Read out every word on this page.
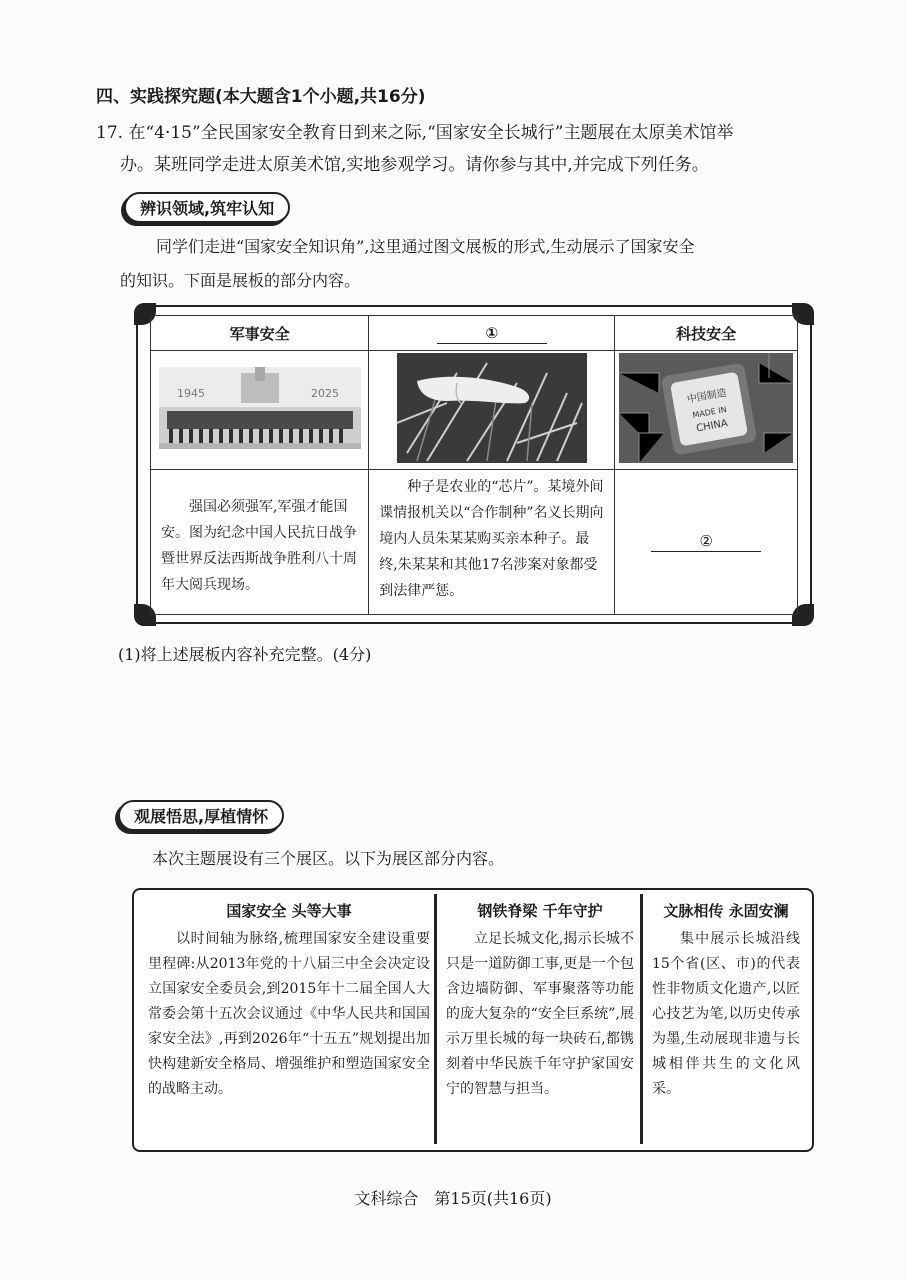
四、实践探究题(本大题含1个小题,共16分)
17. 在“4·15”全民国家安全教育日到来之际,“国家安全长城行”主题展在太原美术馆举
办。某班同学走进太原美术馆,实地参观学习。请你参与其中,并完成下列任务。
辨识领域,筑牢认知
同学们走进“国家安全知识角”,这里通过图文展板的形式,生动展示了国家安全
的知识。下面是展板的部分内容。
军事安全	①	科技安全

1945 2025		中国制造
MADE IN
CHINA

强国必须强军,军强才能国安。图为纪念中国人民抗日战争暨世界反法西斯战争胜利八十周年大阅兵现场。	种子是农业的“芯片”。某境外间谍情报机关以“合作制种”名义长期向境内人员朱某某购买亲本种子。最终,朱某某和其他17名涉案对象都受到法律严惩。	②
(1)将上述展板内容补充完整。(4分)
观展悟思,厚植情怀
本次主题展设有三个展区。以下为展区部分内容。
国家安全 头等大事
以时间轴为脉络,梳理国家安全建设重要里程碑:从2013年党的十八届三中全会决定设立国家安全委员会,到2015年十二届全国人大常委会第十五次会议通过《中华人民共和国国家安全法》,再到2026年“十五五”规划提出加快构建新安全格局、增强维护和塑造国家安全的战略主动。
钢铁脊梁 千年守护
立足长城文化,揭示长城不只是一道防御工事,更是一个包含边墙防御、军事聚落等功能的庞大复杂的“安全巨系统”,展示万里长城的每一块砖石,都镌刻着中华民族千年守护家国安宁的智慧与担当。
文脉相传 永固安澜
集中展示长城沿线15个省(区、市)的代表性非物质文化遗产,以匠心技艺为笔,以历史传承为墨,生动展现非遗与长城相伴共生的文化风采。
文科综合　第15页(共16页)
